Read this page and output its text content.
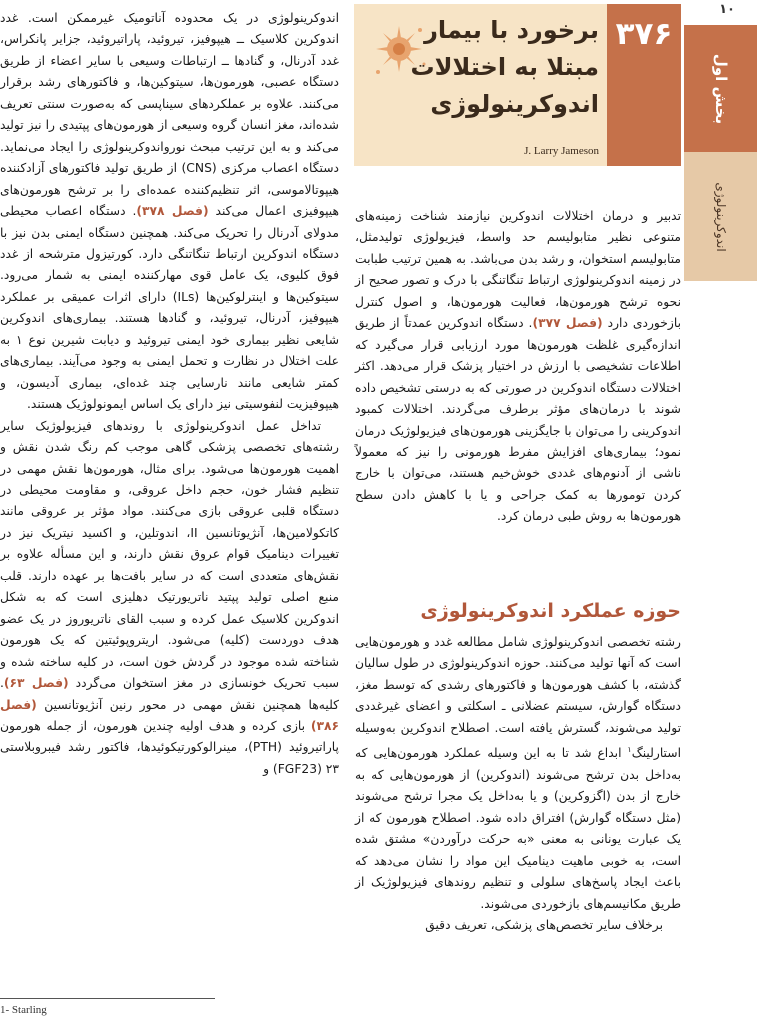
۱۰
بخش اول
اندوکرینولوژی
۳۷۶
برخورد با بیمار
مبتلا به اختلالات
اندوکرینولوژی
J. Larry Jameson

اندوکرینولوژی در یک محدوده آناتومیک غیرممکن است. غدد اندوکرین کلاسیک ــ هیپوفیز، تیروئید، پاراتیروئید، جزایر پانکراس، غدد آدرنال، و گنادها ــ ارتباطات وسیعی با سایر اعضاء از طریق دستگاه عصبی، هورمون‌ها، سیتوکین‌ها، و فاکتورهای رشد برقرار می‌کنند. علاوه بر عملکردهای سیناپسی که به‌صورت سنتی تعریف شده‌اند، مغز انسان گروه وسیعی از هورمون‌های پپتیدی را نیز تولید می‌کند و به این ترتیب مبحث نورواندوکرینولوژی را ایجاد می‌نماید. دستگاه اعصاب مرکزی (CNS) از طریق تولید فاکتورهای آزادکننده هیپوتالاموسی، اثر تنظیم‌کننده عمده‌ای را بر ترشح هورمون‌های هیپوفیزی اعمال می‌کند (فصل ۳۷۸). دستگاه اعصاب محیطی مدولای آدرنال را تحریک می‌کند. همچنین دستگاه ایمنی بدن نیز با دستگاه اندوکرین ارتباط تنگاتنگی دارد. کورتیزول مترشحه از غدد فوق کلیوی، یک عامل قوی مهارکننده ایمنی به شمار می‌رود. سیتوکین‌ها و اینترلوکین‌ها (ILs) دارای اثرات عمیقی بر عملکرد هیپوفیز، آدرنال، تیروئید، و گنادها هستند. بیماری‌های اندوکرین شایعی نظیر بیماری خود ایمنی تیروئید و دیابت شیرین نوع ۱ به علت اختلال در نظارت و تحمل ایمنی به وجود می‌آیند. بیماری‌های کمتر شایعی مانند نارسایی چند غده‌ای، بیماری آدیسون، و هیپوفیزیت لنفوسیتی نیز دارای یک اساس ایمونولوژیک هستند.

تداخل عمل اندوکرینولوژی با روندهای فیزیولوژیک سایر رشته‌های تخصصی پزشکی گاهی موجب کم رنگ شدن نقش و اهمیت هورمون‌ها می‌شود. برای مثال، هورمون‌ها نقش مهمی در تنظیم فشار خون، حجم داخل عروقی، و مقاومت محیطی در دستگاه قلبی عروقی بازی می‌کنند. مواد مؤثر بر عروقی مانند کاتکولامین‌ها، آنژیوتانسین II، اندوتلین، و اکسید نیتریک نیز در تغییرات دینامیک قوام عروق نقش دارند، و این مسأله علاوه بر نقش‌های متعددی است که در سایر بافت‌ها بر عهده دارند. قلب منبع اصلی تولید پپتید ناتریورتیک دهلیزی است که به شکل اندوکرین کلاسیک عمل کرده و سبب القای ناتریوروز در یک عضو هدف دوردست (کلیه) می‌شود. اریتروپوئیتین که یک هورمون شناخته شده موجود در گردش خون است، در کلیه ساخته شده و سبب تحریک خونسازی در مغز استخوان می‌گردد (فصل ۶۳). کلیه‌ها همچنین نقش مهمی در محور رنین آنژیوتانسین (فصل ۳۸۶) بازی کرده و هدف اولیه چندین هورمون، از جمله هورمون پاراتیروئید (PTH)، مینرالوکورتیکوئیدها، فاکتور رشد فیبروبلاستی ۲۳ (FGF23) و

تدبیر و درمان اختلالات اندوکرین نیازمند شناخت زمینه‌های متنوعی نظیر متابولیسم حد واسط، فیزیولوژی تولیدمثل، متابولیسم استخوان، و رشد بدن می‌باشد. به همین ترتیب طبابت در زمینه اندوکرینولوژی ارتباط تنگاتنگی با درک و تصور صحیح از نحوه ترشح هورمون‌ها، فعالیت هورمون‌ها، و اصول کنترل بازخوردی دارد (فصل ۳۷۷). دستگاه اندوکرین عمدتاً از طریق اندازه‌گیری غلظت هورمون‌ها مورد ارزیابی قرار می‌گیرد که اطلاعات تشخیصی با ارزش در اختیار پزشک قرار می‌دهد. اکثر اختلالات دستگاه اندوکرین در صورتی که به درستی تشخیص داده شوند با درمان‌های مؤثر برطرف می‌گردند. اختلالات کمبود اندوکرینی را می‌توان با جایگزینی هورمون‌های فیزیولوژیک درمان نمود؛ بیماری‌های افزایش مفرط هورمونی را نیز که معمولاً ناشی از آدنوم‌های غددی خوش‌خیم هستند، می‌توان با خارج کردن تومورها به کمک جراحی و یا با کاهش دادن سطح هورمون‌ها به روش طبی درمان کرد.

حوزه عملکرد اندوکرینولوژی

رشته تخصصی اندوکرینولوژی شامل مطالعه غدد و هورمون‌هایی است که آنها تولید می‌کنند. حوزه اندوکرینولوژی در طول سالیان گذشته، با کشف هورمون‌ها و فاکتورهای رشدی که توسط مغز، دستگاه گوارش، سیستم عضلانی ـ اسکلتی و اعضای غیرغددی تولید می‌شوند، گسترش یافته است. اصطلاح اندوکرین به‌وسیله استارلینگ$^۱$ ابداع شد تا به این وسیله عملکرد هورمون‌هایی که به‌داخل بدن ترشح می‌شوند (اندوکرین) از هورمون‌هایی که به خارج از بدن (اگزوکرین) و یا به‌داخل یک مجرا ترشح می‌شوند (مثل دستگاه گوارش) افتراق داده شود. اصطلاح هورمون که از یک عبارت یونانی به معنی «به حرکت درآوردن» مشتق شده است، به خوبی ماهیت دینامیک این مواد را نشان می‌دهد که باعث ایجاد پاسخ‌های سلولی و تنظیم روندهای فیزیولوژیک از طریق مکانیسم‌های بازخوردی می‌شوند.

برخلاف سایر تخصص‌های پزشکی، تعریف دقیق

1- Starling
